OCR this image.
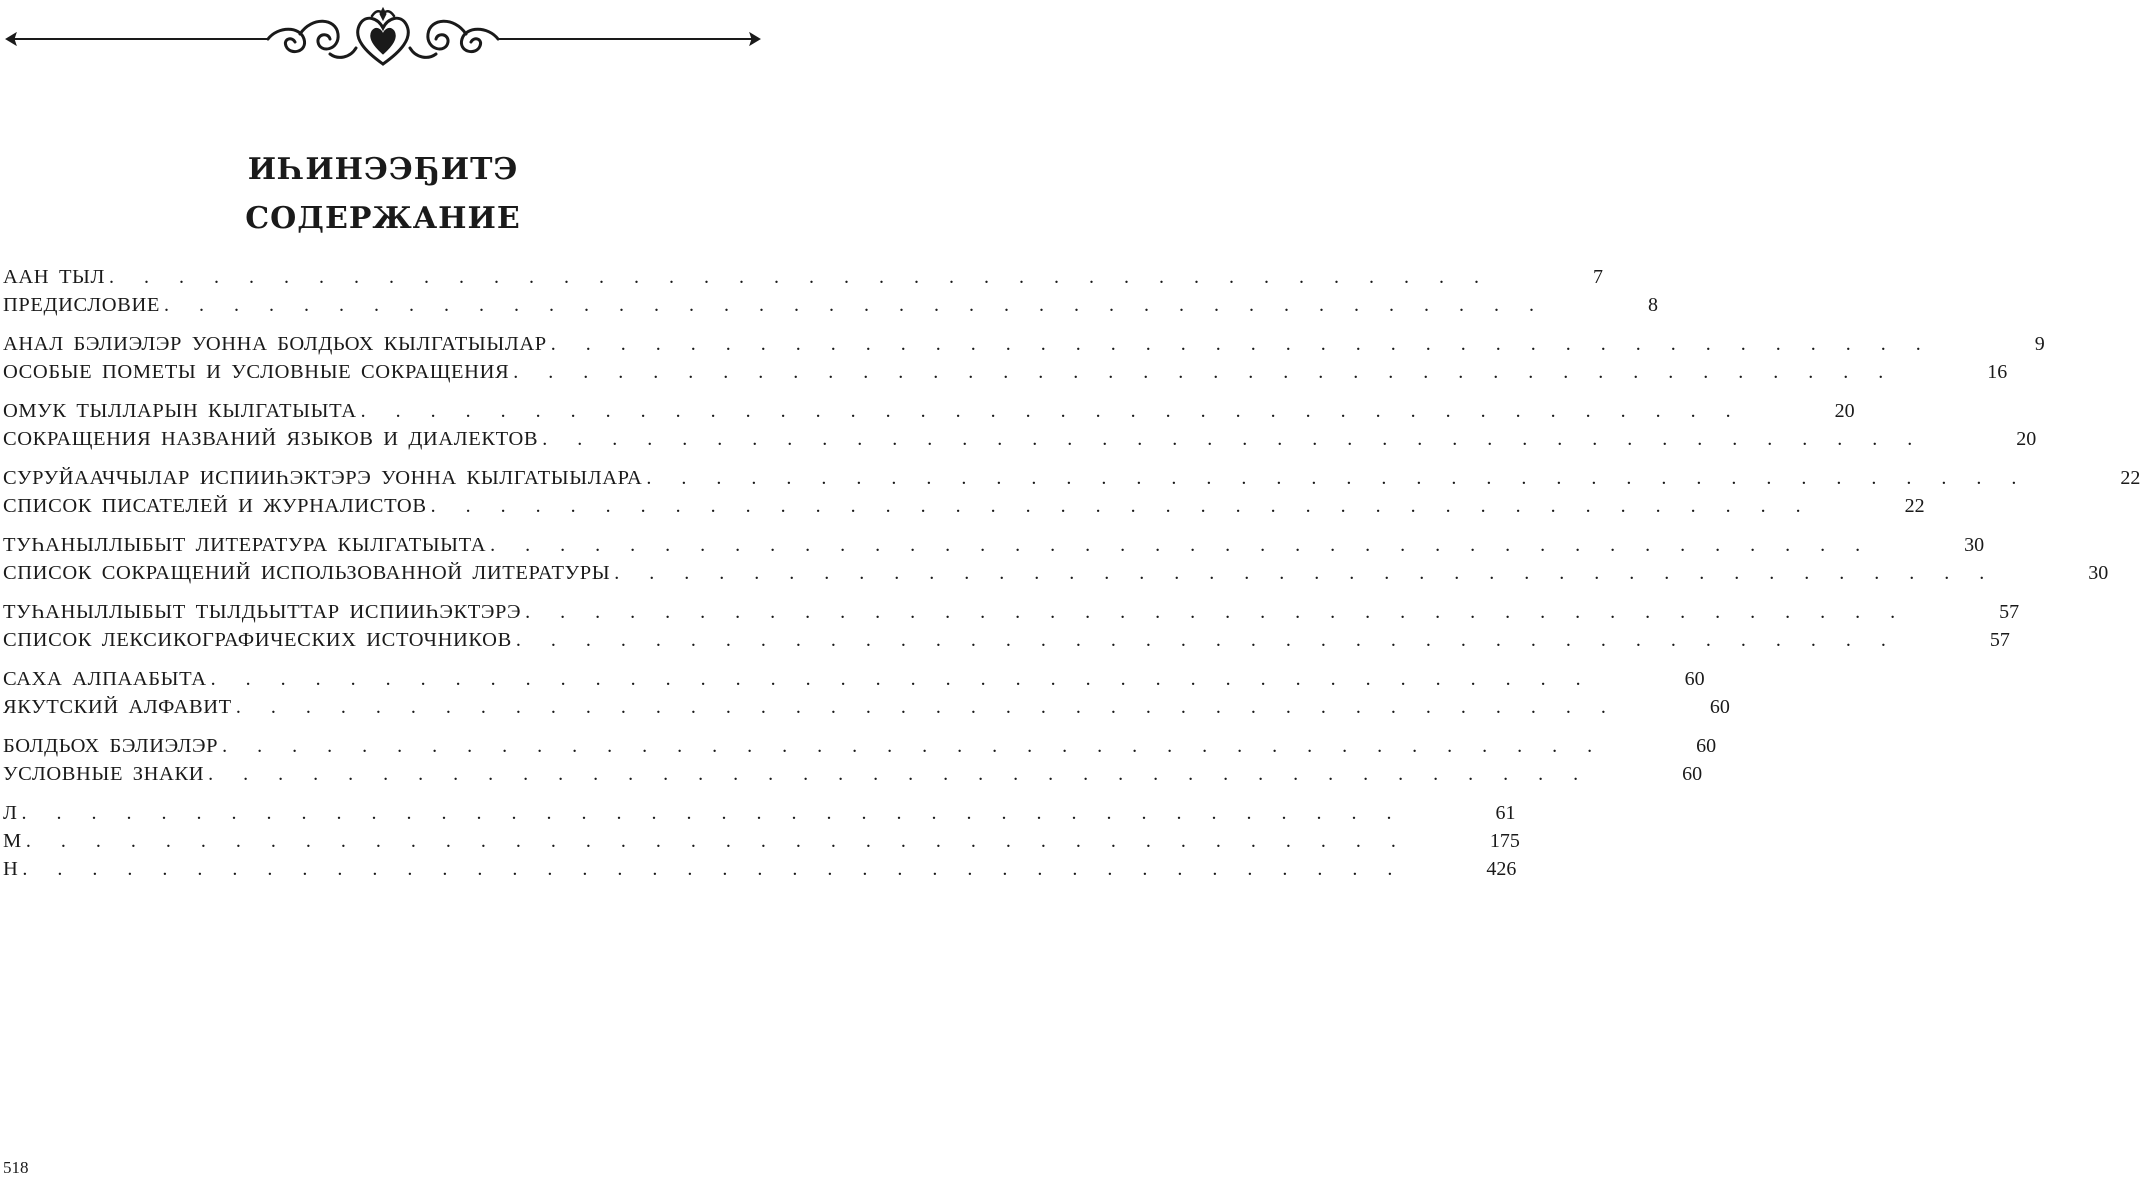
ИҺИНЭЭҔИТЭ
СОДЕРЖАНИЕ
ААН ТЫЛ .   .   .   .   .   .   .   .   .   .   .   .   .   .   .   .   .   .   .   .   .   .   .   .   .   .   .   .   .   .   .   .   .   .   .   .   .   .   .   .   	7
ПРЕДИСЛОВИЕ .   .   .   .   .   .   .   .   .   .   .   .   .   .   .   .   .   .   .   .   .   .   .   .   .   .   .   .   .   .   .   .   .   .   .   .   .   .   .   .   	8
АНАЛ БЭЛИЭЛЭР УОННА БОЛДЬОХ КЫЛГАТЫЫЛАР .   .   .   .   .   .   .   .   .   .   .   .   .   .   .   .   .   .   .   .   .   .   .   .   .   .   .   .   .   .   .   .   .   .   .   .   .   .   .   .   	9
ОСОБЫЕ ПОМЕТЫ И УСЛОВНЫЕ СОКРАЩЕНИЯ .   .   .   .   .   .   .   .   .   .   .   .   .   .   .   .   .   .   .   .   .   .   .   .   .   .   .   .   .   .   .   .   .   .   .   .   .   .   .   .   	16
ОМУК ТЫЛЛАРЫН КЫЛГАТЫЫТА .   .   .   .   .   .   .   .   .   .   .   .   .   .   .   .   .   .   .   .   .   .   .   .   .   .   .   .   .   .   .   .   .   .   .   .   .   .   .   .   	20
СОКРАЩЕНИЯ НАЗВАНИЙ ЯЗЫКОВ И ДИАЛЕКТОВ .   .   .   .   .   .   .   .   .   .   .   .   .   .   .   .   .   .   .   .   .   .   .   .   .   .   .   .   .   .   .   .   .   .   .   .   .   .   .   .   	20
СУРУЙААЧЧЫЛАР ИСПИИҺЭКТЭРЭ УОННА КЫЛГАТЫЫЛАРА .   .   .   .   .   .   .   .   .   .   .   .   .   .   .   .   .   .   .   .   .   .   .   .   .   .   .   .   .   .   .   .   .   .   .   .   .   .   .   .   	22
СПИСОК ПИСАТЕЛЕЙ И ЖУРНАЛИСТОВ .   .   .   .   .   .   .   .   .   .   .   .   .   .   .   .   .   .   .   .   .   .   .   .   .   .   .   .   .   .   .   .   .   .   .   .   .   .   .   .   	22
ТУҺАНЫЛЛЫБЫТ ЛИТЕРАТУРА КЫЛГАТЫЫТА .   .   .   .   .   .   .   .   .   .   .   .   .   .   .   .   .   .   .   .   .   .   .   .   .   .   .   .   .   .   .   .   .   .   .   .   .   .   .   .   	30
СПИСОК СОКРАЩЕНИЙ ИСПОЛЬЗОВАННОЙ ЛИТЕРАТУРЫ .   .   .   .   .   .   .   .   .   .   .   .   .   .   .   .   .   .   .   .   .   .   .   .   .   .   .   .   .   .   .   .   .   .   .   .   .   .   .   .   	30
ТУҺАНЫЛЛЫБЫТ ТЫЛДЬЫТТАР ИСПИИҺЭКТЭРЭ .   .   .   .   .   .   .   .   .   .   .   .   .   .   .   .   .   .   .   .   .   .   .   .   .   .   .   .   .   .   .   .   .   .   .   .   .   .   .   .   	57
СПИСОК ЛЕКСИКОГРАФИЧЕСКИХ ИСТОЧНИКОВ .   .   .   .   .   .   .   .   .   .   .   .   .   .   .   .   .   .   .   .   .   .   .   .   .   .   .   .   .   .   .   .   .   .   .   .   .   .   .   .   	57
САХА АЛПААБЫТА .   .   .   .   .   .   .   .   .   .   .   .   .   .   .   .   .   .   .   .   .   .   .   .   .   .   .   .   .   .   .   .   .   .   .   .   .   .   .   .   	60
ЯКУТСКИЙ АЛФАВИТ .   .   .   .   .   .   .   .   .   .   .   .   .   .   .   .   .   .   .   .   .   .   .   .   .   .   .   .   .   .   .   .   .   .   .   .   .   .   .   .   	60
БОЛДЬОХ БЭЛИЭЛЭР .   .   .   .   .   .   .   .   .   .   .   .   .   .   .   .   .   .   .   .   .   .   .   .   .   .   .   .   .   .   .   .   .   .   .   .   .   .   .   .   	60
УСЛОВНЫЕ ЗНАКИ .   .   .   .   .   .   .   .   .   .   .   .   .   .   .   .   .   .   .   .   .   .   .   .   .   .   .   .   .   .   .   .   .   .   .   .   .   .   .   .   	60
Л .   .   .   .   .   .   .   .   .   .   .   .   .   .   .   .   .   .   .   .   .   .   .   .   .   .   .   .   .   .   .   .   .   .   .   .   .   .   .   .   	61
М .   .   .   .   .   .   .   .   .   .   .   .   .   .   .   .   .   .   .   .   .   .   .   .   .   .   .   .   .   .   .   .   .   .   .   .   .   .   .   .   	175
Н .   .   .   .   .   .   .   .   .   .   .   .   .   .   .   .   .   .   .   .   .   .   .   .   .   .   .   .   .   .   .   .   .   .   .   .   .   .   .   .   	426
518
